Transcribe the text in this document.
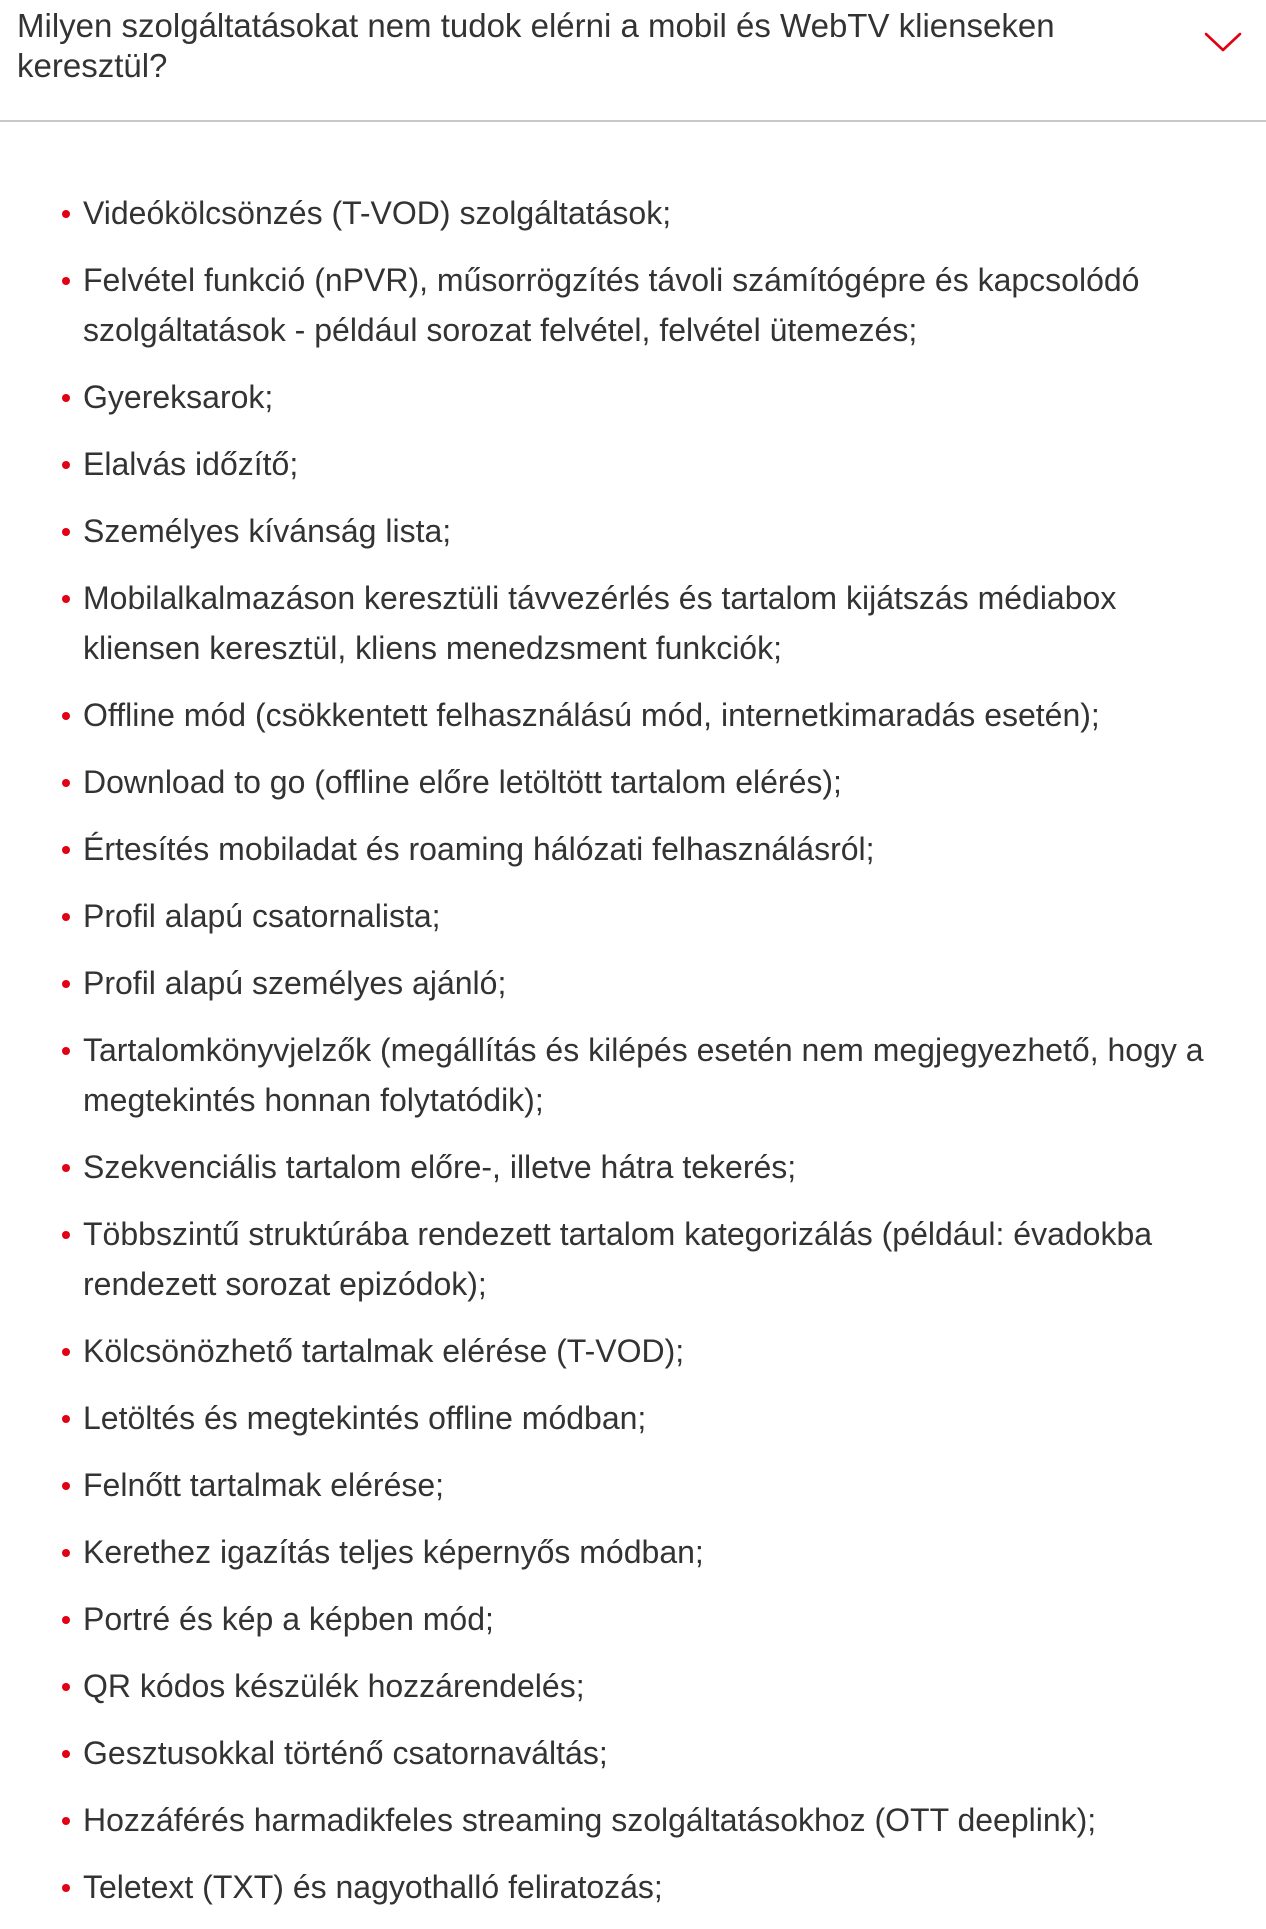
Milyen szolgáltatásokat nem tudok elérni a mobil és WebTV klienseken keresztül?
Videókölcsönzés (T-VOD) szolgáltatások;
Felvétel funkció (nPVR), műsorrögzítés távoli számítógépre és kapcsolódó szolgáltatások - például sorozat felvétel, felvétel ütemezés;
Gyereksarok;
Elalvás időzítő;
Személyes kívánság lista;
Mobilalkalmazáson keresztüli távvezérlés és tartalom kijátszás médiabox kliensen keresztül, kliens menedzsment funkciók;
Offline mód (csökkentett felhasználású mód, internetkimaradás esetén);
Download to go (offline előre letöltött tartalom elérés);
Értesítés mobiladat és roaming hálózati felhasználásról;
Profil alapú csatornalista;
Profil alapú személyes ajánló;
Tartalomkönyvjelzők (megállítás és kilépés esetén nem megjegyezhető, hogy a megtekintés honnan folytatódik);
Szekvenciális tartalom előre-, illetve hátra tekerés;
Többszintű struktúrába rendezett tartalom kategorizálás (például: évadokba rendezett sorozat epizódok);
Kölcsönözhető tartalmak elérése (T-VOD);
Letöltés és megtekintés offline módban;
Felnőtt tartalmak elérése;
Kerethez igazítás teljes képernyős módban;
Portré és kép a képben mód;
QR kódos készülék hozzárendelés;
Gesztusokkal történő csatornaváltás;
Hozzáférés harmadikfeles streaming szolgáltatásokhoz (OTT deeplink);
Teletext (TXT) és nagyothalló feliratozás;
